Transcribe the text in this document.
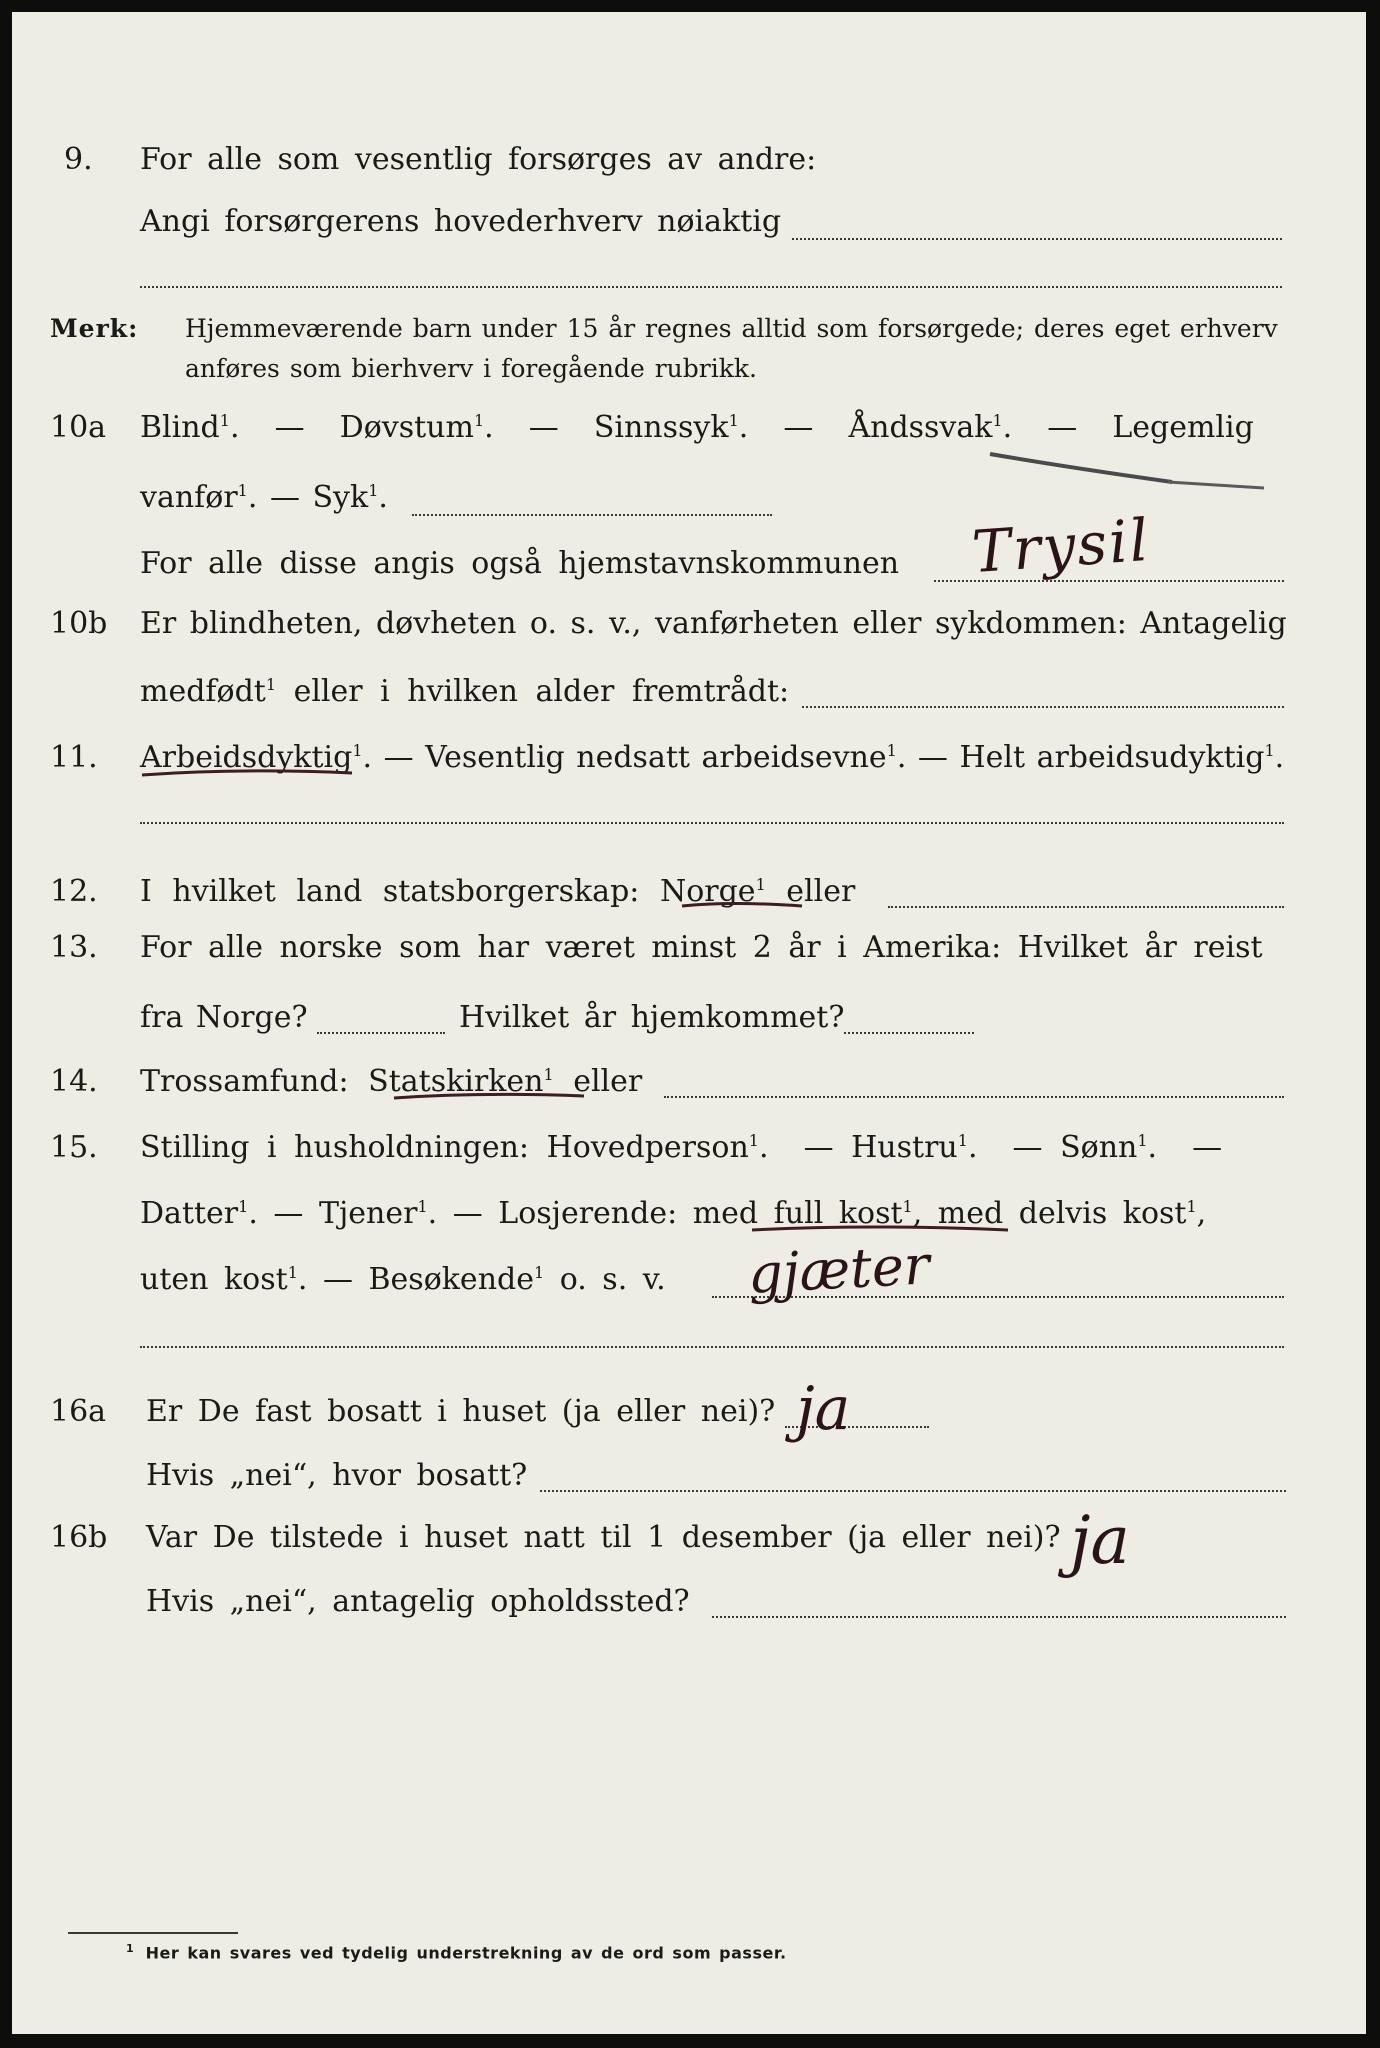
9. For alle som vesentlig forsørges av andre:
Angi forsørgerens hovederhverv nøiaktig
Merk: Hjemmeværende barn under 15 år regnes alltid som forsørgede; deres eget erhverv
anføres som bierhverv i foregående rubrikk.
10a Blind$^1$. — Døvstum$^1$. — Sinnssyk$^1$. — Åndssvak$^1$. — Legemlig
vanfør$^1$. — Syk$^1$.
For alle disse angis også hjemstavnskommunen
10b Er blindheten, døvheten o. s. v., vanførheten eller sykdommen: Antagelig
medfødt$^1$ eller i hvilken alder fremtrådt:
11. Arbeidsdyktig$^1$. — Vesentlig nedsatt arbeidsevne$^1$. — Helt arbeidsudyktig$^1$.
12. I hvilket land statsborgerskap: Norge$^1$ eller
13. For alle norske som har været minst 2 år i Amerika: Hvilket år reist
fra Norge?	Hvilket år hjemkommet?
14. Trossamfund: Statskirken$^1$ eller
15. Stilling i husholdningen: Hovedperson$^1$.  — Hustru$^1$.  — Sønn$^1$.  —
Datter$^1$. — Tjener$^1$. — Losjerende: med full kost$^1$, med delvis kost$^1$,
uten kost$^1$. — Besøkende$^1$ o. s. v.
16a Er De fast bosatt i huset (ja eller nei)?
Hvis „nei“, hvor bosatt?
16b Var De tilstede i huset natt til 1 desember (ja eller nei)?
Hvis „nei“, antagelig opholdssted?
Trysil
gjæter
ja
ja
$^1$ Her kan svares ved tydelig understrekning av de ord som passer.
